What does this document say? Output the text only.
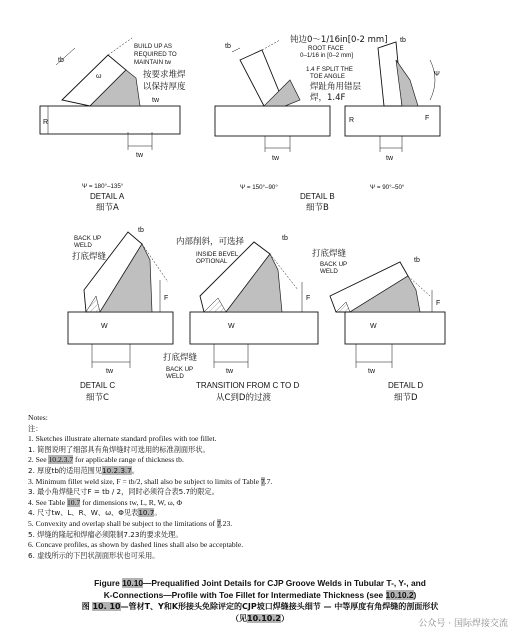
tb
ω
R
tw
tw
BUILD UP AS
REQUIRED TO
MAINTAIN tw
按要求堆焊
以保持厚度
Ψ = 180°–135°
DETAIL A
细节A
钝边0～1/16in[0-2 mm]
ROOT FACE
0–1/16 in [0–2 mm]
1.4 F SPLIT THE
TOE ANGLE
焊趾角用错层
焊，1.4F
tb
tb
Ψ
F
R
tw	tw
Ψ = 150°–90°	Ψ = 90°–50°
DETAIL B
细节B
BACK UP
WELD
打底焊缝
tb
F
W
tw
DETAIL C
细节C
内部削斜，可选择
INSIDE BEVEL
OPTIONAL
tb
F
W
tw
打底焊缝
BACK UP
WELD
TRANSITION FROM C TO D
从C到D的过渡
打底焊缝
BACK UP
WELD
tb
F
W
tw
DETAIL D
细节D
Notes:
注：
1. Sketches illustrate alternate standard profiles with toe fillet.
1. 简图说明了细部具有角焊缝时可选用的标准剖面形状。
2. See 10.2.3.7 for applicable range of thickness tb.
2. 厚度tb的适用范围见10.2.3.7。
3. Minimum fillet weld size, F = tb/2, shall also be subject to limits of Table 7.7.
3. 最小角焊缝尺寸F = tb / 2，同时必须符合表5.7的限定。
4. See Table 10.7 for dimensions tw, L, R, W, ω, Φ
4. 尺寸tw、L、R、W、ω、Φ见表10.7。
5. Convexity and overlap shall be subject to the limitations of 7.23.
5. 焊缝的隆起和焊瘤必须限制7.23的要求处理。
6. Concave profiles, as shown by dashed lines shall also be acceptable.
6. 虚线所示的下凹状剖面形状也可采用。
Figure 10.10—Prequalified Joint Details for CJP Groove Welds in Tubular T-, Y-, and
K-Connections—Profile with Toe Fillet for Intermediate Thickness (see 10.10.2)
图 10. 10—管材T、Y和K形接头免除评定的CJP坡口焊缝接头细节 — 中等厚度有角焊缝的剖面形状
（见10.10.2）
公众号 · 国际焊接交流
